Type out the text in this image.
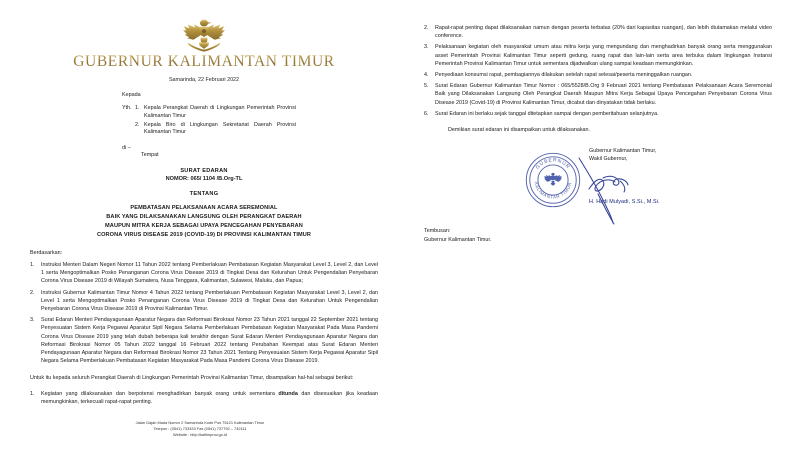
GUBERNUR KALIMANTAN TIMUR
Samarinda, 22 Februari 2022
Kepada
Yth. 1. Kepala Perangkat Daerah di Lingkungan Pemerintah Provinsi Kalimantan Timur
2. Kepala Biro di Lingkungan Sekretariat Daerah Provinsi Kalimantan Timur
di –
Tempat
SURAT EDARAN
NOMOR: 065/ 1104 /B.Org-TL
TENTANG
PEMBATASAN PELAKSANAAN ACARA SEREMONIAL
BAIK YANG DILAKSANAKAN LANGSUNG OLEH PERANGKAT DAERAH
MAUPUN MITRA KERJA SEBAGAI UPAYA PENCEGAHAN PENYEBARAN
CORONA VIRUS DISEASE 2019 (COVID-19) DI PROVINSI KALIMANTAN TIMUR
Berdasarkan:
1.	Instruksi Menteri Dalam Negeri Nomor 11 Tahun 2022 tentang Pemberlakuan Pembatasan Kegiatan Masyarakat Level 3, Level 2, dan Level 1 serta Mengoptimalkan Posko Penanganan Corona Virus Disease 2019 di Tingkat Desa dan Kelurahan Untuk Pengendalian Penyebaran Corona Virus Disease 2019 di Wilayah Sumatera, Nusa Tenggara, Kalimantan, Sulawesi, Maluku, dan Papua;
2.	Instruksi Gubernur Kalimantan Timur Nomor 4 Tahun 2022 tentang Pemberlakuan Pembatasan Kegiatan Masyarakat Level 3, Level 2, dan Level 1 serta Mengoptimalkan Posko Penanganan Corona Virus Disease 2019 di Tingkat Desa dan Kelurahan Untuk Pengendalian Penyebaran Corona Virus Disease 2019 di Provinsi Kalimantan Timur.
3.	Surat Edaran Menteri Pendayagunaan Aparatur Negara dan Reformasi Birokrasi Nomor 23 Tahun 2021 tanggal 22 September 2021 tentang Penyesuaian Sistem Kerja Pegawai Aparatur Sipil Negara Selama Pemberlakuan Pembatasan Kegiatan Masyarakat Pada Masa Pandemi Corona Virus Disease 2019 yang telah dubah beberapa kali terakhir dengan Surat Edaran Menteri Pendayagunaan Aparatur Negara dan Reformasi Birokrasi Nomor 05 Tahun 2022 tanggal 16 Februari 2022 tentang Perubahan Keempat atas Surat Edaran Menteri Pendayagunaan Aparatur Negara dan Reformasi Birokrasi Nomor 23 Tahun 2021 Tentang Penyesuaian Sistem Kerja Pegawai Aparatur Sipil Negara Selama Pemberlakuan Pembatasan Kegiatan Masyarakat Pada Masa Pandemi Corona Virus Disease 2019.
Untuk itu kepada seluruh Perangkat Daerah di Lingkungan Pemerintah Provinsi Kalimantan Timur, disampaikan hal-hal sebagai berikut:
1.	Kegiatan yang dilaksanakan dan berpotensi menghadirkan banyak orang untuk sementara ditunda dan disesuaikan jika keadaan memungkinkan, terkecuali rapat-rapat penting.
Jalan Gajah Mada Nomor 2 Samarinda Kode Pos 75121 Kalimantan Timur
Telepon : (0541) 733333 Fax (0541) 737792 – 742111
Website : http://kaltimprov.go.id
2.	Rapat-rapat penting dapat dilaksanakan namun dengan peserta terbatas (20% dari kapasitas ruangan), dan lebih diutamakan melalui video conference.
3.	Pelaksanaan kegiatan oleh masyarakat umum atau mitra kerja yang mengundang dan menghadirkan banyak orang serta menggunakan asset Pemerintah Provinsi Kalimantan Timur seperti gedung, ruang rapat dan lain-lain serta area terbuka dalam lingkungan Instansi Pemerintah Provinsi Kalimantan Timur untuk sementara dijadwalkan ulang sampai keadaan memungkinkan.
4.	Penyediaan konsumsi rapat, pembagiannya dilakukan setelah rapat selesai/peserta meninggalkan ruangan.
5.	Surat Edaran Gubernur Kalimantan Timur Nomor : 065/5528/B.Org 9 Februari 2021 tentang Pembatasan Pelaksanaan Acara Seremonial Baik yang Dilaksanakan Langsung Oleh Perangkat Daerah Maupun Mitra Kerja Sebagai Upaya Pencegahan Penyebaran Corona Virus Disease 2019 (Covid-19) di Provinsi Kalimantan Timur, dicabut dan dinyatakan tidak berlaku.
6.	Surat Edaran ini berlaku sejak tanggal ditetapkan sampai dengan pemberitahuan selanjutnya.
Demikian surat edaran ini disampaikan untuk dilaksanakan.
Gubernur Kalimantan Timur,
Wakil Gubernur,
GUBERNUR
KALIMANTAN TIMUR
H. Hadi Mulyadi, S.Si., M.Si.
Tembusan:
Gubernur Kalimantan Timur.
